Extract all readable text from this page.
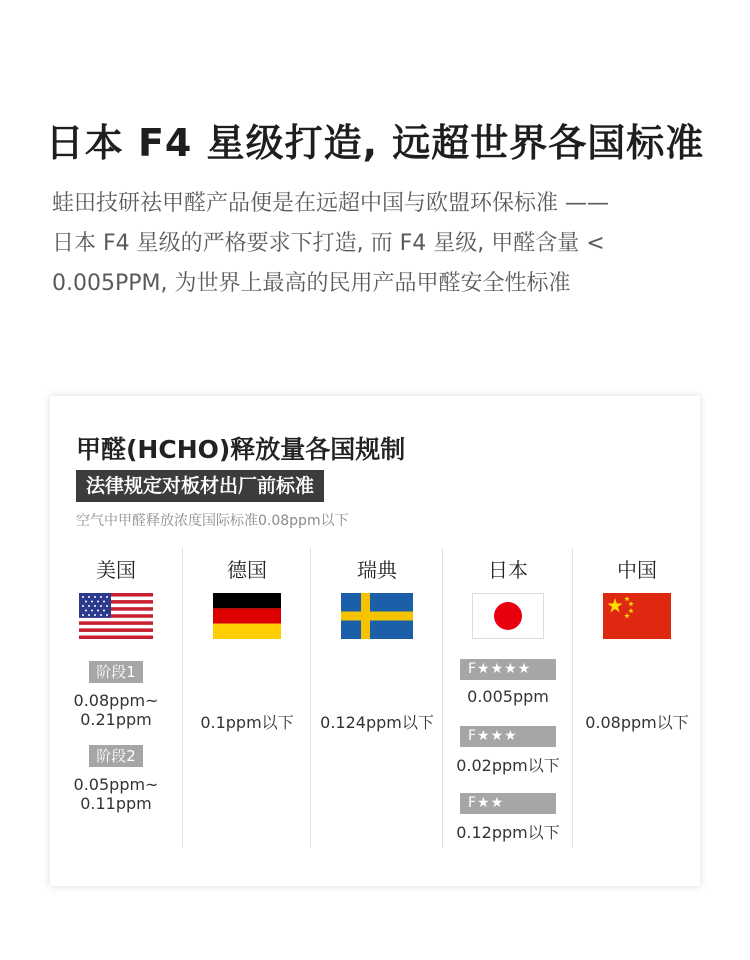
日本 F4 星级打造, 远超世界各国标准
蛙田技研祛甲醛产品便是在远超中国与欧盟环保标准 ——
日本 F4 星级的严格要求下打造, 而 F4 星级, 甲醛含量 <
0.005PPM, 为世界上最高的民用产品甲醛安全性标准
甲醛(HCHO)释放量各国规制
法律规定对板材出厂前标准
空气中甲醛释放浓度国际标准0.08ppm以下
美国
阶段1
0.08ppm~
0.21ppm
阶段2
0.05ppm~
0.11ppm
德国
0.1ppm以下
瑞典
0.124ppm以下
日本
F★★★★
0.005ppm
F★★★
0.02ppm以下
F★★
0.12ppm以下
中国
0.08ppm以下
